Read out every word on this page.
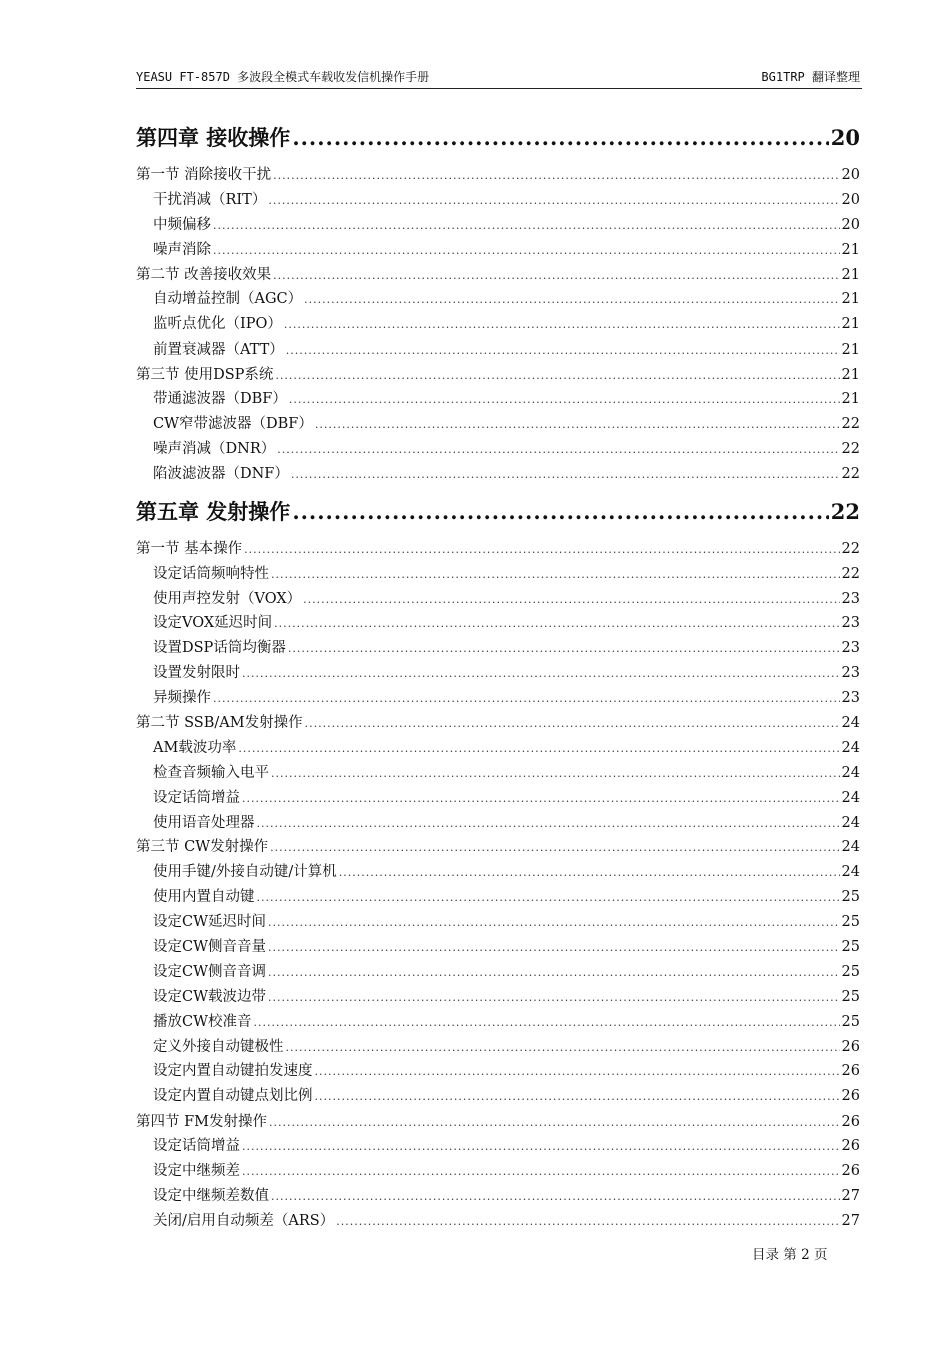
YEASU FT-857D 多波段全模式车载收发信机操作手册	BG1TRP 翻译整理
第四章 接收操作 .....	20
第一节 消除接收干扰 .....	20
干扰消减（RIT） .....	20
中频偏移 .....	20
噪声消除 .....	21
第二节 改善接收效果 .....	21
自动增益控制（AGC） .....	21
监听点优化（IPO） .....	21
前置衰减器（ATT） .....	21
第三节 使用DSP系统 .....	21
带通滤波器（DBF） .....	21
CW窄带滤波器（DBF） .....	22
噪声消减（DNR） .....	22
陷波滤波器（DNF） .....	22
第五章 发射操作 .....	22
第一节 基本操作 .....	22
设定话筒频响特性 .....	22
使用声控发射（VOX） .....	23
设定VOX延迟时间 .....	23
设置DSP话筒均衡器 .....	23
设置发射限时 .....	23
异频操作 .....	23
第二节 SSB/AM发射操作 .....	24
AM载波功率 .....	24
检查音频输入电平 .....	24
设定话筒增益 .....	24
使用语音处理器 .....	24
第三节 CW发射操作 .....	24
使用手键/外接自动键/计算机 .....	24
使用内置自动键 .....	25
设定CW延迟时间 .....	25
设定CW侧音音量 .....	25
设定CW侧音音调 .....	25
设定CW载波边带 .....	25
播放CW校准音 .....	25
定义外接自动键极性 .....	26
设定内置自动键拍发速度 .....	26
设定内置自动键点划比例 .....	26
第四节 FM发射操作 .....	26
设定话筒增益 .....	26
设定中继频差 .....	26
设定中继频差数值 .....	27
关闭/启用自动频差（ARS） .....	27
目录 第 2 页
